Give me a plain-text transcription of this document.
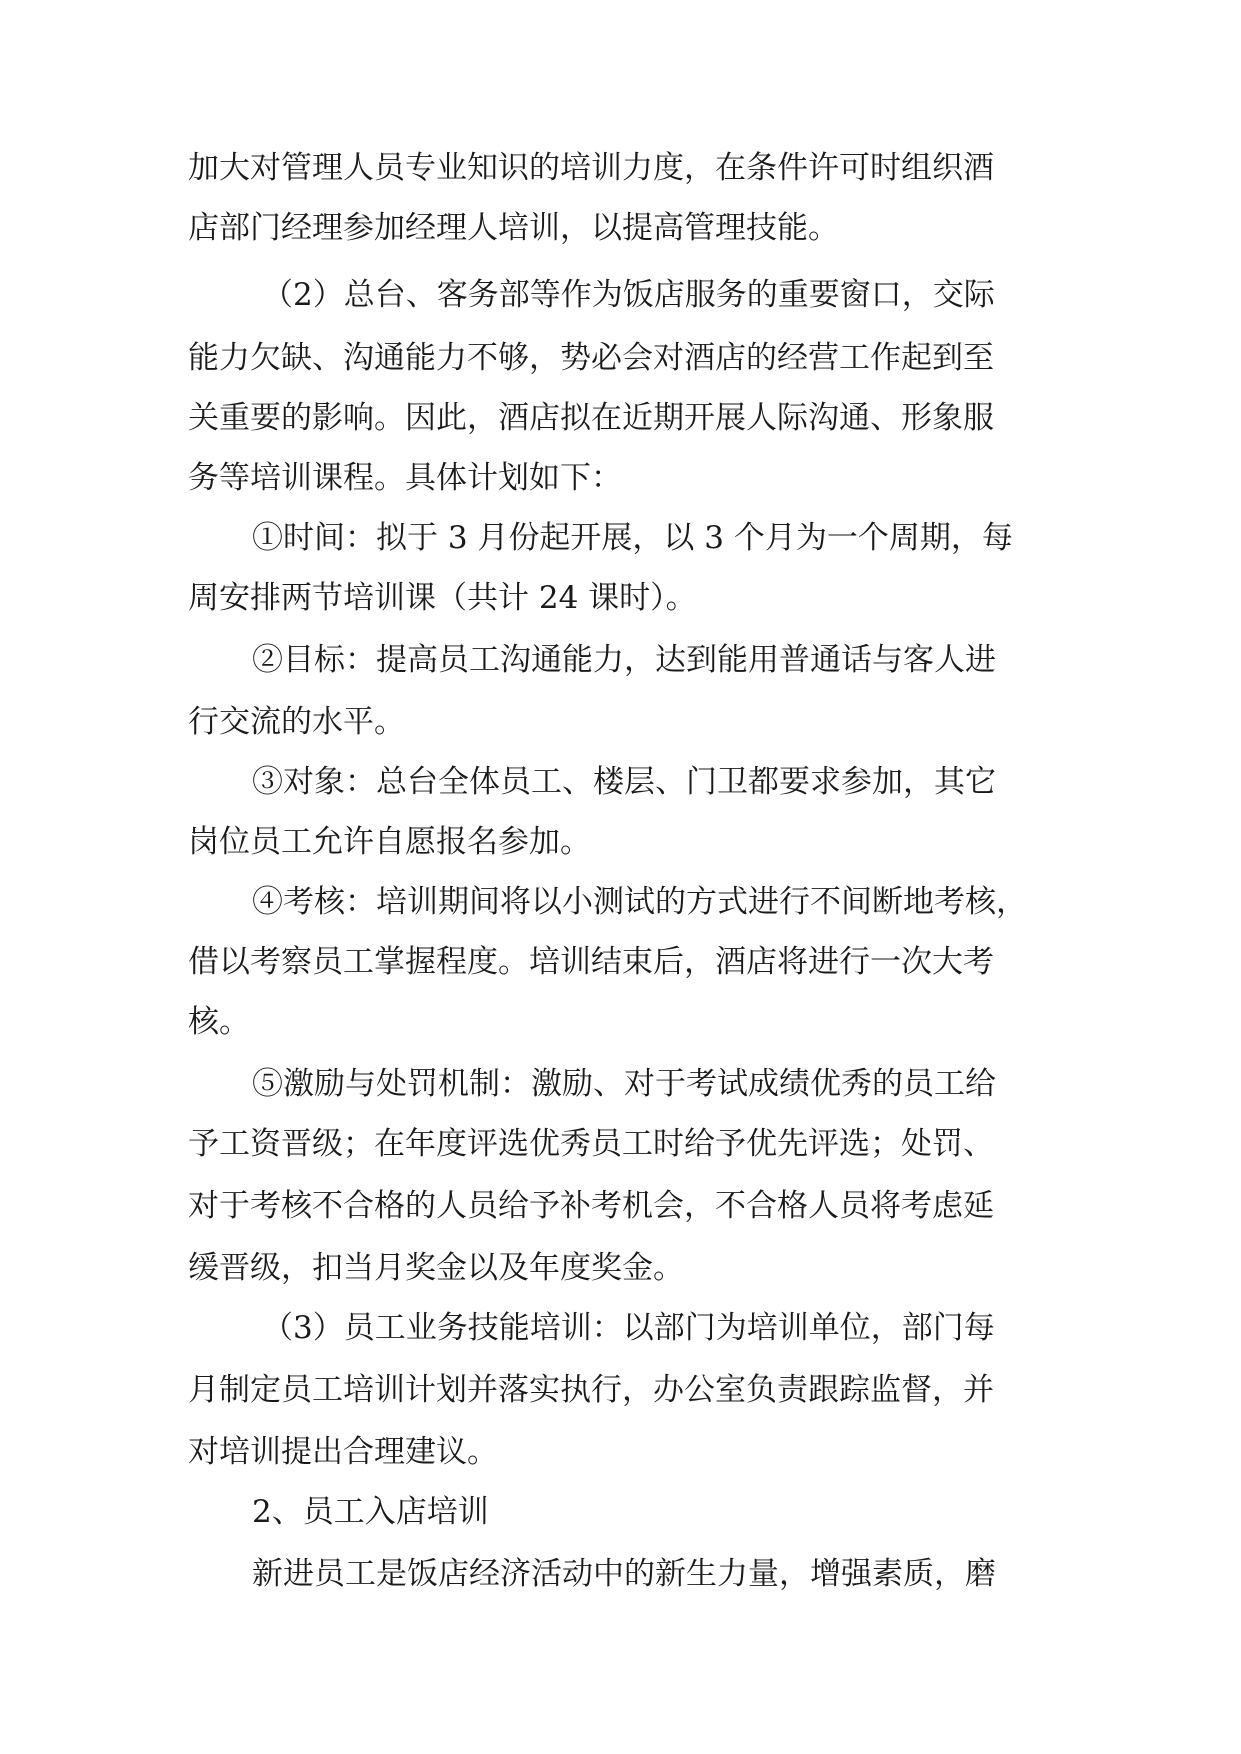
加大对管理人员专业知识的培训力度，在条件许可时组织酒

店部门经理参加经理人培训，以提高管理技能。

（2）总台、客务部等作为饭店服务的重要窗口，交际

能力欠缺、沟通能力不够，势必会对酒店的经营工作起到至

关重要的影响。因此，酒店拟在近期开展人际沟通、形象服

务等培训课程。具体计划如下：

①时间：拟于 3 月份起开展，以 3 个月为一个周期，每

周安排两节培训课（共计 24 课时）。

②目标：提高员工沟通能力，达到能用普通话与客人进

行交流的水平。

③对象：总台全体员工、楼层、门卫都要求参加，其它

岗位员工允许自愿报名参加。

④考核：培训期间将以小测试的方式进行不间断地考核，

借以考察员工掌握程度。培训结束后，酒店将进行一次大考

核。

⑤激励与处罚机制：激励、对于考试成绩优秀的员工给

予工资晋级；在年度评选优秀员工时给予优先评选；处罚、

对于考核不合格的人员给予补考机会，不合格人员将考虑延

缓晋级，扣当月奖金以及年度奖金。

（3）员工业务技能培训：以部门为培训单位，部门每

月制定员工培训计划并落实执行，办公室负责跟踪监督，并

对培训提出合理建议。

2、员工入店培训

新进员工是饭店经济活动中的新生力量，增强素质，磨
